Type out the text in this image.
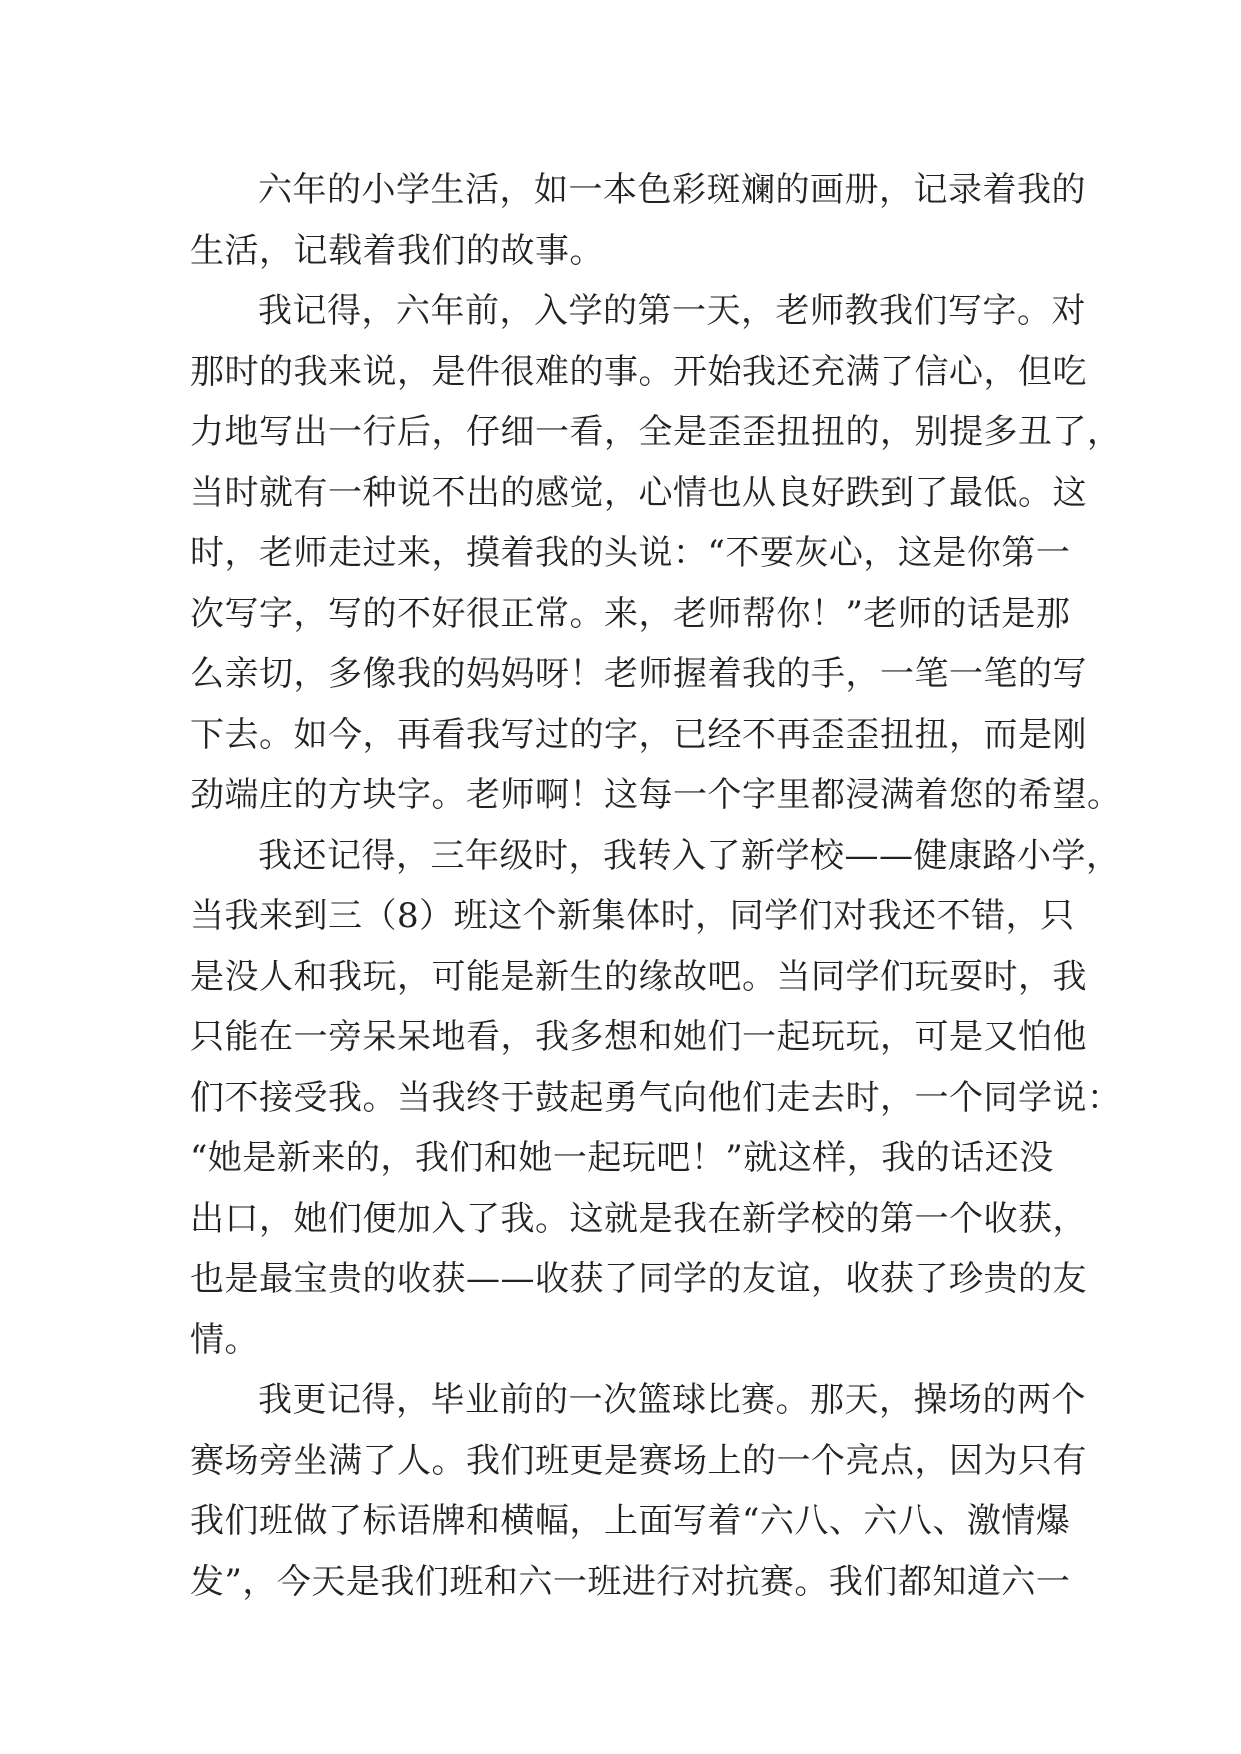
六年的小学生活，如一本色彩斑斓的画册，记录着我的
生活，记载着我们的故事。
我记得，六年前，入学的第一天，老师教我们写字。对
那时的我来说，是件很难的事。开始我还充满了信心，但吃
力地写出一行后，仔细一看，全是歪歪扭扭的，别提多丑了，
当时就有一种说不出的感觉，心情也从良好跌到了最低。这
时，老师走过来，摸着我的头说：“不要灰心，这是你第一
次写字，写的不好很正常。来，老师帮你！”老师的话是那
么亲切，多像我的妈妈呀！老师握着我的手，一笔一笔的写
下去。如今，再看我写过的字，已经不再歪歪扭扭，而是刚
劲端庄的方块字。老师啊！这每一个字里都浸满着您的希望。
我还记得，三年级时，我转入了新学校——健康路小学，
当我来到三（8）班这个新集体时，同学们对我还不错，只
是没人和我玩，可能是新生的缘故吧。当同学们玩耍时，我
只能在一旁呆呆地看，我多想和她们一起玩玩，可是又怕他
们不接受我。当我终于鼓起勇气向他们走去时，一个同学说：
“她是新来的，我们和她一起玩吧！”就这样，我的话还没
出口，她们便加入了我。这就是我在新学校的第一个收获，
也是最宝贵的收获——收获了同学的友谊，收获了珍贵的友
情。
我更记得，毕业前的一次篮球比赛。那天，操场的两个
赛场旁坐满了人。我们班更是赛场上的一个亮点，因为只有
我们班做了标语牌和横幅，上面写着“六八、六八、激情爆
发”，今天是我们班和六一班进行对抗赛。我们都知道六一
